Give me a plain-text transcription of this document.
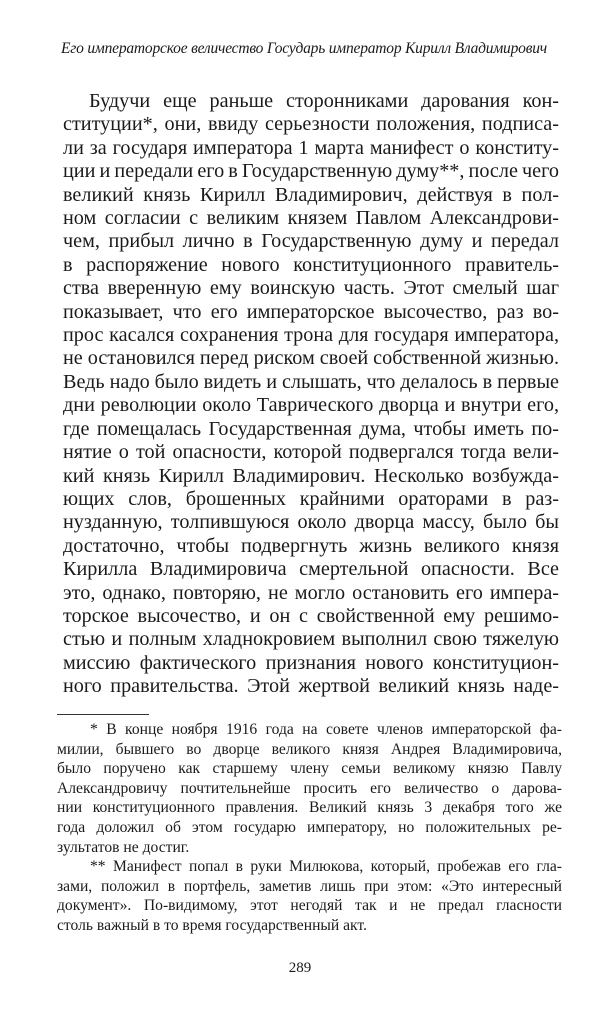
Его императорское величество Государь император Кирилл Владимирович
Будучи еще раньше сторонниками дарования кон-
ституции*, они, ввиду серьезности положения, подписа-
ли за государя императора 1 марта манифест о конститу-
ции и передали его в Государственную думу**, после чего
великий князь Кирилл Владимирович, действуя в пол-
ном согласии с великим князем Павлом Александрови-
чем, прибыл лично в Государственную думу и передал
в распоряжение нового конституционного правитель-
ства вверенную ему воинскую часть. Этот смелый шаг
показывает, что его императорское высочество, раз во-
прос касался сохранения трона для государя императора,
не остановился перед риском своей собственной жизнью.
Ведь надо было видеть и слышать, что делалось в первые
дни революции около Таврического дворца и внутри его,
где помещалась Государственная дума, чтобы иметь по-
нятие о той опасности, которой подвергался тогда вели-
кий князь Кирилл Владимирович. Несколько возбуждa-
ющих слов, брошенных крайними ораторами в раз-
нузданную, толпившуюся около дворца массу, было бы
достаточно, чтобы подвергнуть жизнь великого князя
Кирилла Владимировича смертельной опасности. Все
это, однако, повторяю, не могло остановить его импера-
торское высочество, и он с свойственной ему решимо-
стью и полным хладнокровием выполнил свою тяжелую
миссию фактического признания нового конституцион-
ного правительства. Этой жертвой великий князь наде-
* В конце ноября 1916 года на совете членов императорской фа-
милии, бывшего во дворце великого князя Андрея Владимировича,
было поручено как старшему члену семьи великому князю Павлу
Александровичу почтительнейше просить его величество о дарова-
нии конституционного правления. Великий князь 3 декабря того же
года доложил об этом государю императору, но положительных ре-
зультатов не достиг.
** Манифест попал в руки Милюкова, который, пробежав его гла-
зами, положил в портфель, заметив лишь при этом: «Это интересный
документ». По-видимому, этот негодяй так и не предал гласности
столь важный в то время государственный акт.
289
